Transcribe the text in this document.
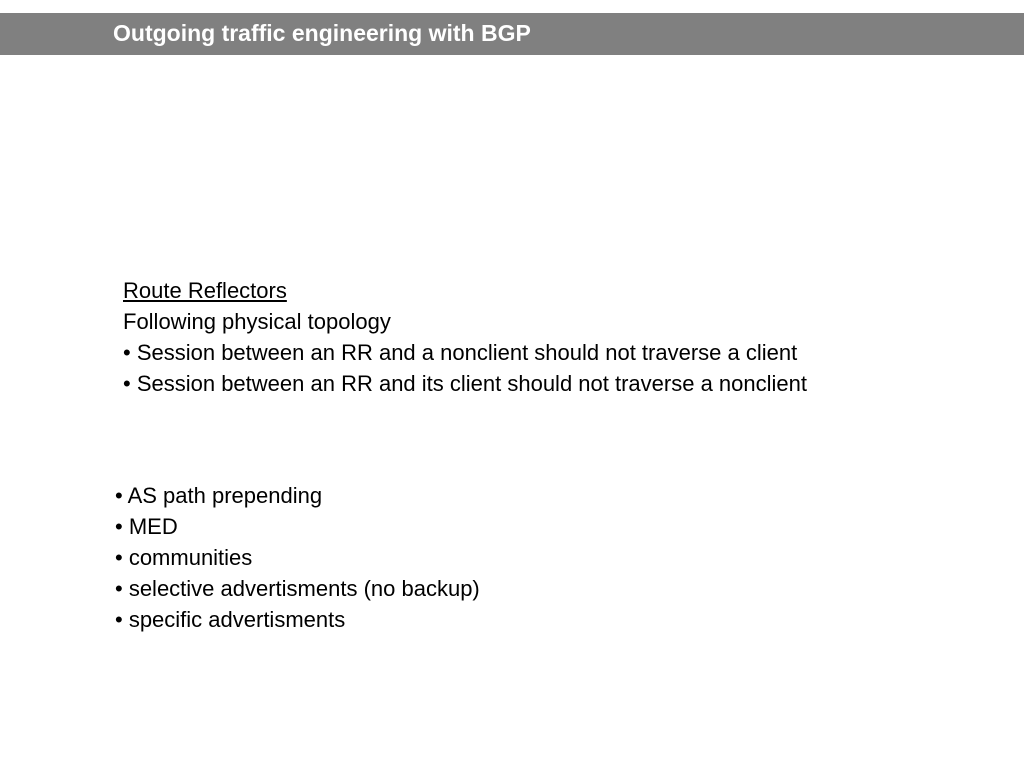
Outgoing traffic engineering with BGP
Route Reflectors
Following physical topology
• Session between an RR and a nonclient should not traverse a client
• Session between an RR and its client should not traverse a nonclient
• AS path prepending
• MED
• communities
• selective advertisments (no backup)
• specific advertisments
